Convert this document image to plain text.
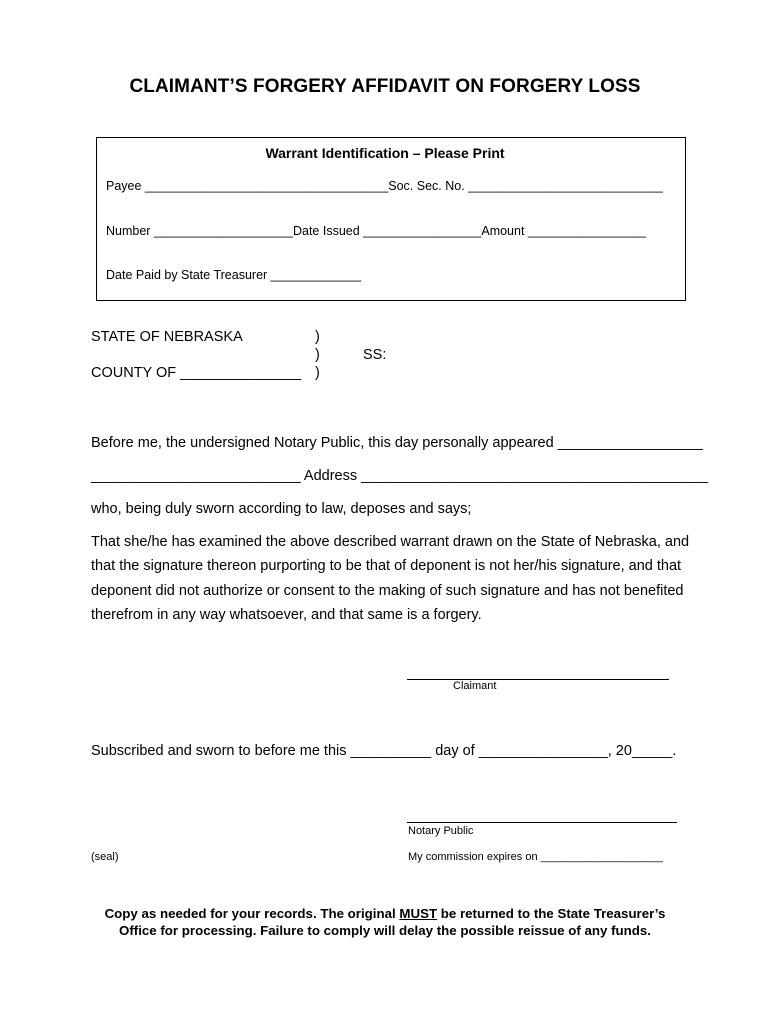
CLAIMANT’S FORGERY AFFIDAVIT ON FORGERY LOSS
Warrant Identification – Please Print
Payee ___________________________________Soc. Sec. No. ____________________________
Number ____________________Date Issued _________________Amount _________________
Date Paid by State Treasurer _____________
STATE OF NEBRASKA
COUNTY OF _______________
)
)
)
SS:
Before me, the undersigned Notary Public, this day personally appeared __________________
__________________________ Address ___________________________________________
who, being duly sworn according to law, deposes and says;
That she/he has examined the above described warrant drawn on the State of Nebraska, and
that the signature thereon purporting to be that of deponent is not her/his signature, and that
deponent did not authorize or consent to the making of such signature and has not benefited
therefrom in any way whatsoever, and that same is a forgery.
Claimant
Subscribed and sworn to before me this __________ day of ________________, 20_____.
Notary Public
(seal)	My commission expires on ____________________
Copy as needed for your records. The original MUST be returned to the State Treasurer’s
Office for processing. Failure to comply will delay the possible reissue of any funds.
